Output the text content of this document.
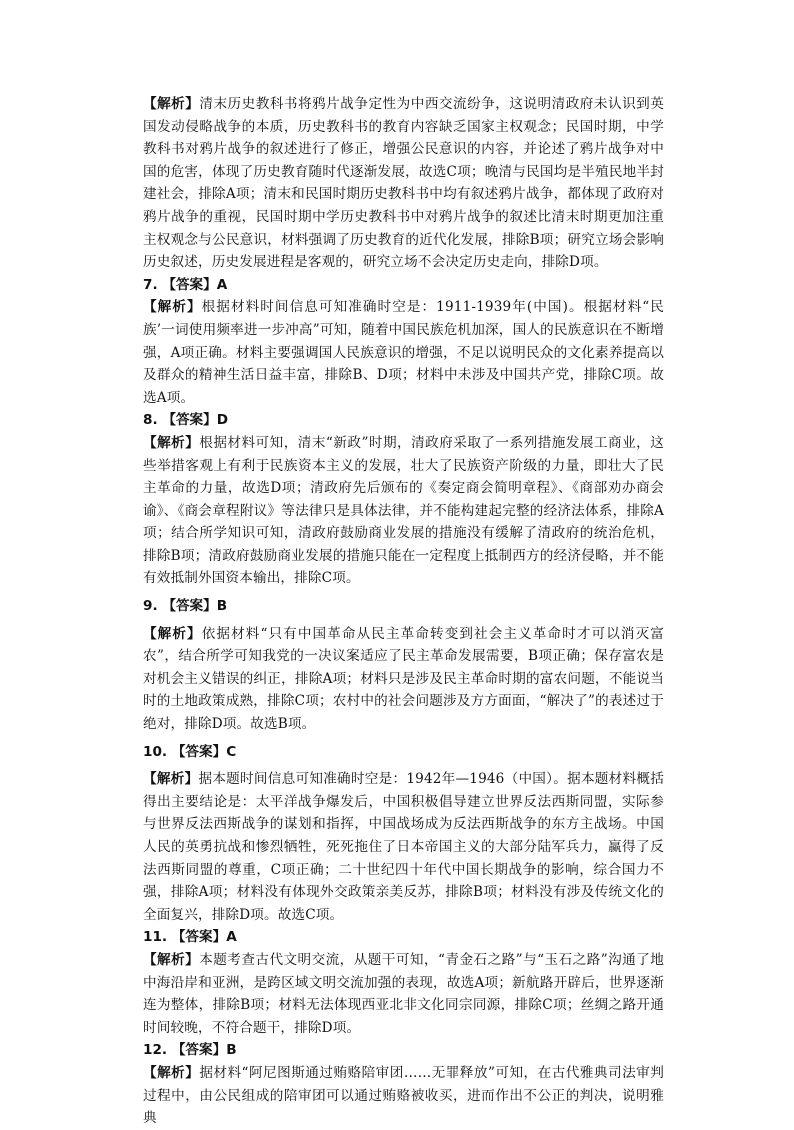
【解析】清末历史教科书将鸦片战争定性为中西交流纷争，这说明清政府未认识到英国发动侵略战争的本质，历史教科书的教育内容缺乏国家主权观念；民国时期，中学教科书对鸦片战争的叙述进行了修正，增强公民意识的内容，并论述了鸦片战争对中国的危害，体现了历史教育随时代逐渐发展，故选C项；晚清与民国均是半殖民地半封建社会，排除A项；清末和民国时期历史教科书中均有叙述鸦片战争，都体现了政府对鸦片战争的重视，民国时期中学历史教科书中对鸦片战争的叙述比清末时期更加注重主权观念与公民意识，材料强调了历史教育的近代化发展，排除B项；研究立场会影响历史叙述，历史发展进程是客观的，研究立场不会决定历史走向，排除D项。

7. 【答案】A

【解析】根据材料时间信息可知准确时空是：1911-1939年(中国)。根据材料“民族’一词使用频率进一步冲高”可知，随着中国民族危机加深，国人的民族意识在不断增强，A项正确。材料主要强调国人民族意识的增强，不足以说明民众的文化素养提高以及群众的精神生活日益丰富，排除B、D项；材料中未涉及中国共产党，排除C项。故选A项。

8. 【答案】D

【解析】根据材料可知，清末“新政”时期，清政府采取了一系列措施发展工商业，这些举措客观上有利于民族资本主义的发展，壮大了民族资产阶级的力量，即壮大了民主革命的力量，故选D项；清政府先后颁布的《奏定商会简明章程》、《商部劝办商会谕》、《商会章程附议》等法律只是具体法律，并不能构建起完整的经济法体系，排除A项；结合所学知识可知，清政府鼓励商业发展的措施没有缓解了清政府的统治危机，排除B项；清政府鼓励商业发展的措施只能在一定程度上抵制西方的经济侵略，并不能有效抵制外国资本输出，排除C项。

9. 【答案】B

【解析】依据材料“只有中国革命从民主革命转变到社会主义革命时才可以消灭富农”，结合所学可知我党的一决议案适应了民主革命发展需要，B项正确；保存富农是对机会主义错误的纠正，排除A项；材料只是涉及民主革命时期的富农问题，不能说当时的土地政策成熟，排除C项；农村中的社会问题涉及方方面面，“解决了”的表述过于绝对，排除D项。故选B项。

10. 【答案】C

【解析】据本题时间信息可知准确时空是：1942年—1946（中国）。据本题材料概括得出主要结论是：太平洋战争爆发后，中国积极倡导建立世界反法西斯同盟，实际参与世界反法西斯战争的谋划和指挥，中国战场成为反法西斯战争的东方主战场。中国人民的英勇抗战和惨烈牺牲，死死拖住了日本帝国主义的大部分陆军兵力，赢得了反法西斯同盟的尊重，C项正确；二十世纪四十年代中国长期战争的影响，综合国力不强，排除A项；材料没有体现外交政策亲美反苏，排除B项；材料没有涉及传统文化的全面复兴，排除D项。故选C项。

11. 【答案】A

【解析】本题考查古代文明交流，从题干可知，“青金石之路”与“玉石之路”沟通了地中海沿岸和亚洲，是跨区域文明交流加强的表现，故选A项；新航路开辟后，世界逐渐连为整体，排除B项；材料无法体现西亚北非文化同宗同源，排除C项；丝绸之路开通时间较晚，不符合题干，排除D项。

12. 【答案】B

【解析】据材料“阿尼图斯通过贿赂陪审团……无罪释放”可知，在古代雅典司法审判过程中，由公民组成的陪审团可以通过贿赂被收买，进而作出不公正的判决，说明雅典
